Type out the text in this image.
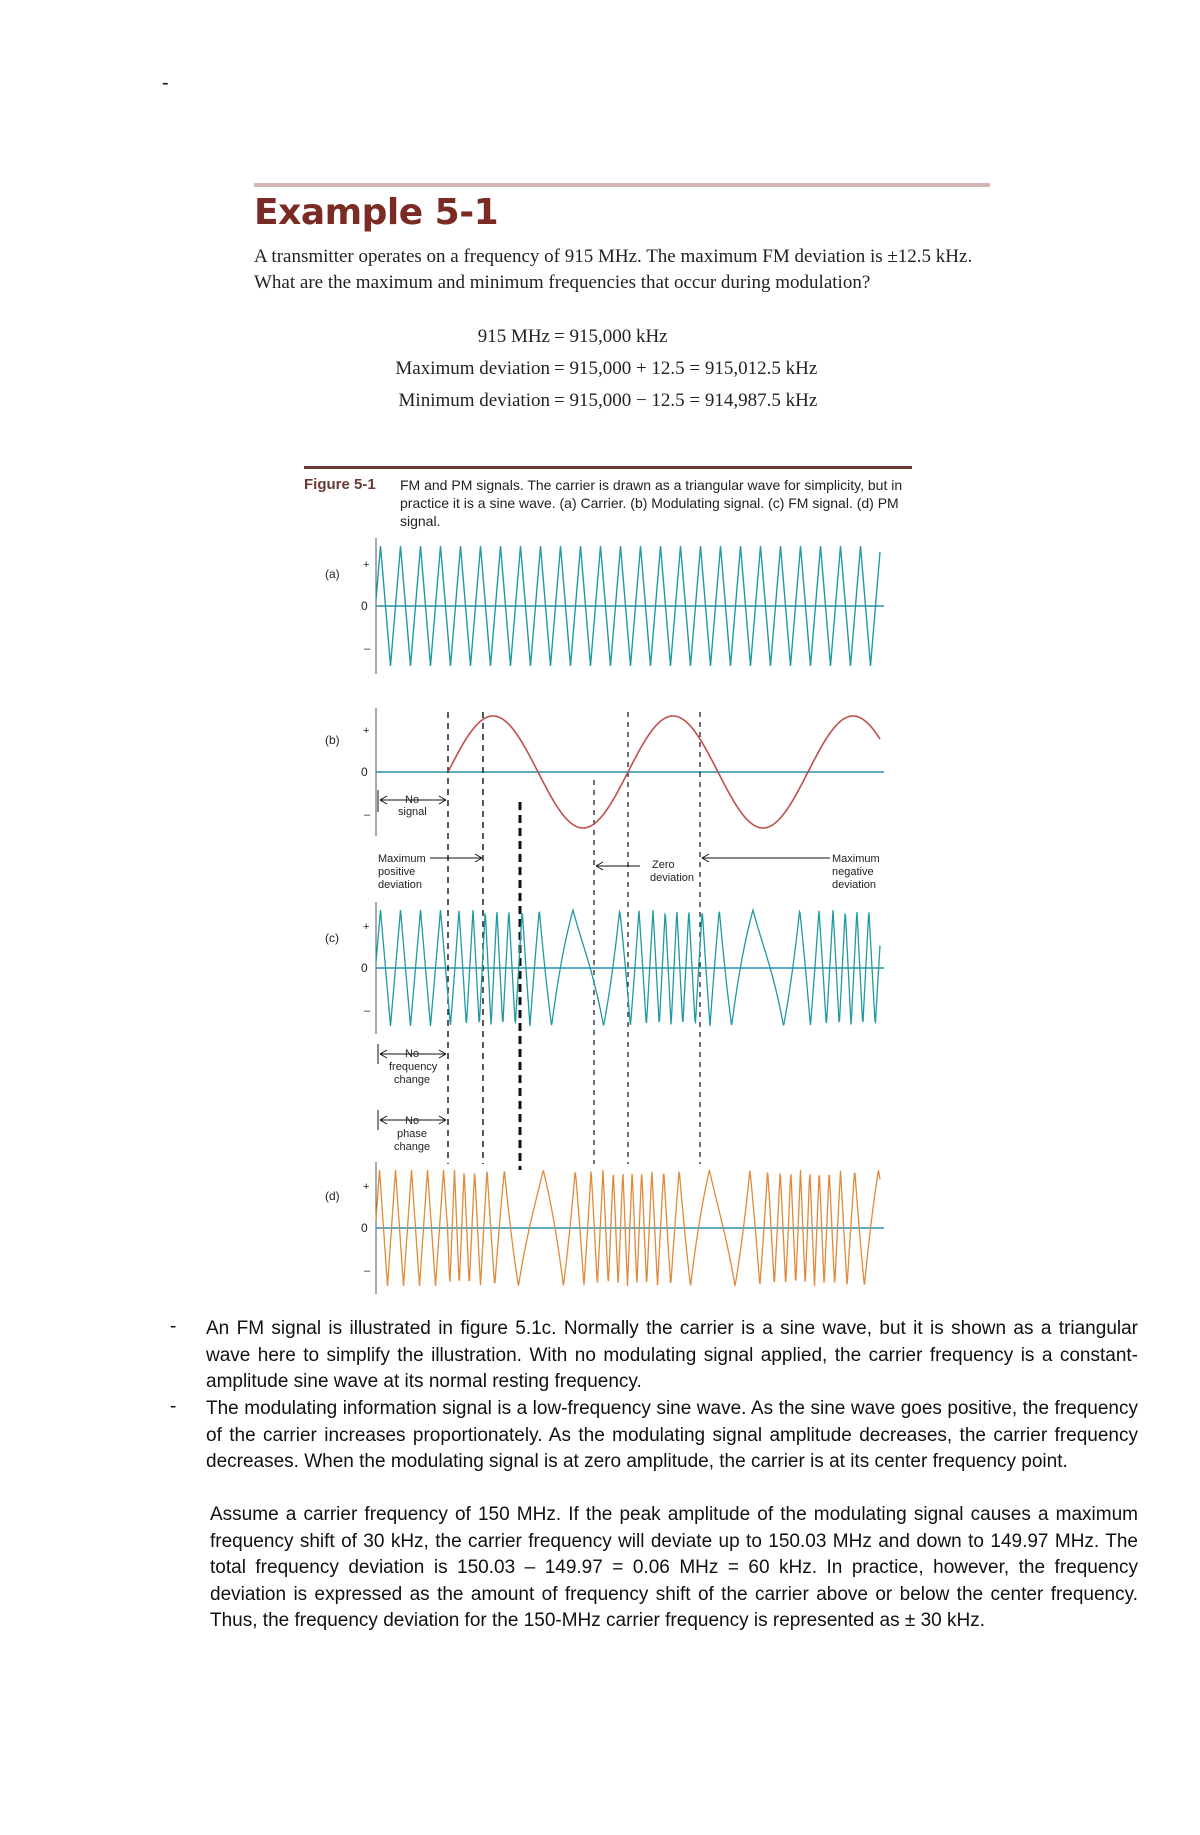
-
Example 5-1
A transmitter operates on a frequency of 915 MHz. The maximum FM deviation is ±12.5 kHz. What are the maximum and minimum frequencies that occur during modulation?
915 MHz = 915,000 kHz
Maximum deviation = 915,000 + 12.5 = 915,012.5 kHz
Minimum deviation = 915,000 − 12.5 = 914,987.5 kHz
Figure 5-1 FM and PM signals. The carrier is drawn as a triangular wave for simplicity, but in practice it is a sine wave. (a) Carrier. (b) Modulating signal. (c) FM signal. (d) PM signal.
(a)
(b)
(c)
(d)
+
0
–
+
0
–
+
0
–
+
0
–
No
signal
Maximum
positive
deviation
Zero
deviation
Maximum
negative
deviation
No
frequency
change
No
phase
change
- An FM signal is illustrated in figure 5.1c. Normally the carrier is a sine wave, but it is shown as a triangular wave here to simplify the illustration. With no modulating signal applied, the carrier frequency is a constant-amplitude sine wave at its normal resting frequency.
- The modulating information signal is a low-frequency sine wave. As the sine wave goes positive, the frequency of the carrier increases proportionately. As the modulating signal amplitude decreases, the carrier frequency decreases. When the modulating signal is at zero amplitude, the carrier is at its center frequency point.
Assume a carrier frequency of 150 MHz. If the peak amplitude of the modulating signal causes a maximum frequency shift of 30 kHz, the carrier frequency will deviate up to 150.03 MHz and down to 149.97 MHz. The total frequency deviation is 150.03 – 149.97 = 0.06 MHz = 60 kHz. In practice, however, the frequency deviation is expressed as the amount of frequency shift of the carrier above or below the center frequency. Thus, the frequency deviation for the 150-MHz carrier frequency is represented as ± 30 kHz.
